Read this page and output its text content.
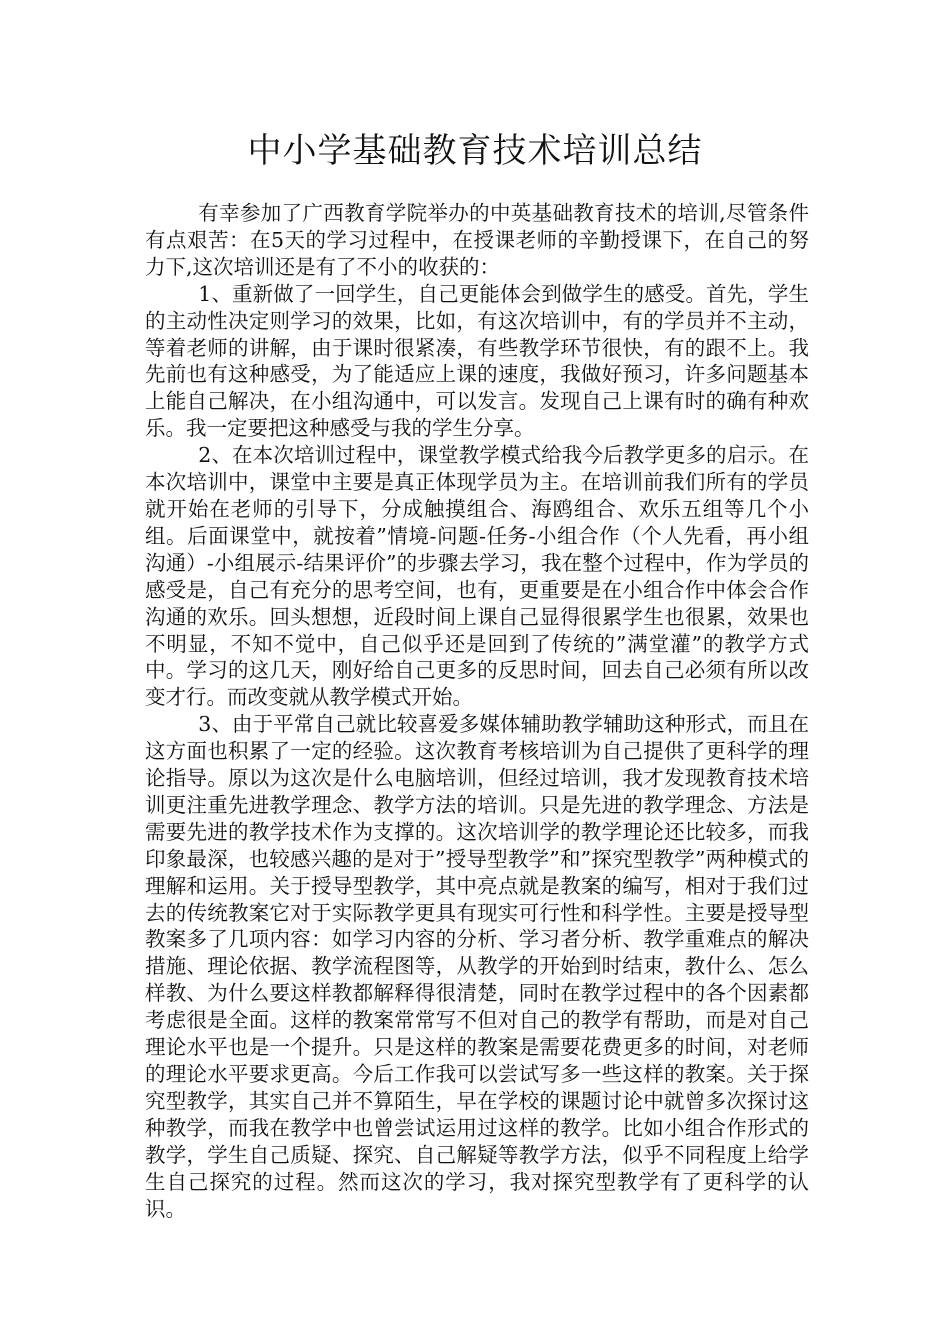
中小学基础教育技术培训总结

有幸参加了广西教育学院举办的中英基础教育技术的培训,尽管条件有点艰苦：在5天的学习过程中，在授课老师的辛勤授课下，在自己的努力下,这次培训还是有了不小的收获的：

1、重新做了一回学生，自己更能体会到做学生的感受。首先，学生的主动性决定则学习的效果，比如，有这次培训中，有的学员并不主动，等着老师的讲解，由于课时很紧凑，有些教学环节很快，有的跟不上。我先前也有这种感受，为了能适应上课的速度，我做好预习，许多问题基本上能自己解决，在小组沟通中，可以发言。发现自己上课有时的确有种欢乐。我一定要把这种感受与我的学生分享。

2、在本次培训过程中，课堂教学模式给我今后教学更多的启示。在本次培训中，课堂中主要是真正体现学员为主。在培训前我们所有的学员就开始在老师的引导下，分成触摸组合、海鸥组合、欢乐五组等几个小组。后面课堂中，就按着”情境-问题-任务-小组合作（个人先看，再小组沟通）-小组展示-结果评价”的步骤去学习，我在整个过程中，作为学员的感受是，自己有充分的思考空间，也有，更重要是在小组合作中体会合作沟通的欢乐。回头想想，近段时间上课自己显得很累学生也很累，效果也不明显，不知不觉中，自己似乎还是回到了传统的”满堂灌”的教学方式中。学习的这几天，刚好给自己更多的反思时间，回去自己必须有所以改变才行。而改变就从教学模式开始。

3、由于平常自己就比较喜爱多媒体辅助教学辅助这种形式，而且在这方面也积累了一定的经验。这次教育考核培训为自己提供了更科学的理论指导。原以为这次是什么电脑培训，但经过培训，我才发现教育技术培训更注重先进教学理念、教学方法的培训。只是先进的教学理念、方法是需要先进的教学技术作为支撑的。这次培训学的教学理论还比较多，而我印象最深，也较感兴趣的是对于”授导型教学”和”探究型教学”两种模式的理解和运用。关于授导型教学，其中亮点就是教案的编写，相对于我们过去的传统教案它对于实际教学更具有现实可行性和科学性。主要是授导型教案多了几项内容：如学习内容的分析、学习者分析、教学重难点的解决措施、理论依据、教学流程图等，从教学的开始到时结束，教什么、怎么样教、为什么要这样教都解释得很清楚，同时在教学过程中的各个因素都考虑很是全面。这样的教案常常写不但对自己的教学有帮助，而是对自己理论水平也是一个提升。只是这样的教案是需要花费更多的时间，对老师的理论水平要求更高。今后工作我可以尝试写多一些这样的教案。关于探究型教学，其实自己并不算陌生，早在学校的课题讨论中就曾多次探讨这种教学，而我在教学中也曾尝试运用过这样的教学。比如小组合作形式的教学，学生自己质疑、探究、自己解疑等教学方法，似乎不同程度上给学生自己探究的过程。然而这次的学习，我对探究型教学有了更科学的认识。
